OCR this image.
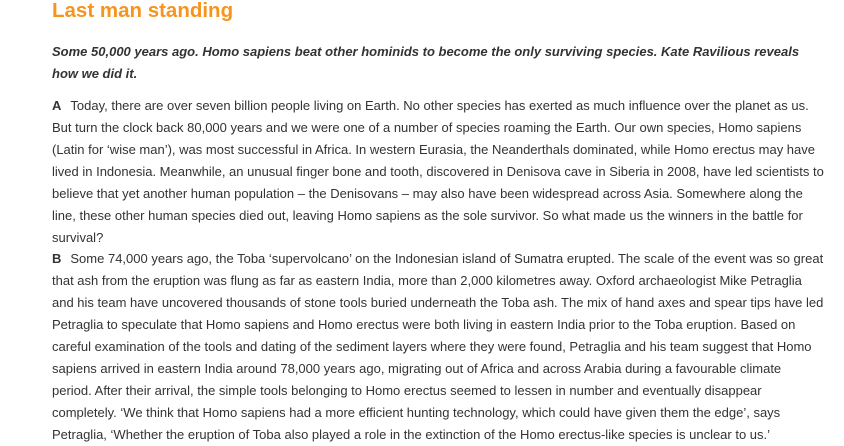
Last man standing

Some 50,000 years ago. Homo sapiens beat other hominids to become the only surviving species. Kate Ravilious reveals how we did it.

A Today, there are over seven billion people living on Earth. No other species has exerted as much influence over the planet as us. But turn the clock back 80,000 years and we were one of a number of species roaming the Earth. Our own species, Homo sapiens (Latin for ‘wise man’), was most successful in Africa. In western Eurasia, the Neanderthals dominated, while Homo erectus may have lived in Indonesia. Meanwhile, an unusual finger bone and tooth, discovered in Denisova cave in Siberia in 2008, have led scientists to believe that yet another human population – the Denisovans – may also have been widespread across Asia. Somewhere along the line, these other human species died out, leaving Homo sapiens as the sole survivor. So what made us the winners in the battle for survival?

B Some 74,000 years ago, the Toba ‘supervolcano’ on the Indonesian island of Sumatra erupted. The scale of the event was so great that ash from the eruption was flung as far as eastern India, more than 2,000 kilometres away. Oxford archaeologist Mike Petraglia and his team have uncovered thousands of stone tools buried underneath the Toba ash. The mix of hand axes and spear tips have led Petraglia to speculate that Homo sapiens and Homo erectus were both living in eastern India prior to the Toba eruption. Based on careful examination of the tools and dating of the sediment layers where they were found, Petraglia and his team suggest that Homo sapiens arrived in eastern India around 78,000 years ago, migrating out of Africa and across Arabia during a favourable climate period. After their arrival, the simple tools belonging to Homo erectus seemed to lessen in number and eventually disappear completely. ‘We think that Homo sapiens had a more efficient hunting technology, which could have given them the edge’, says Petraglia, ‘Whether the eruption of Toba also played a role in the extinction of the Homo erectus-like species is unclear to us.’
